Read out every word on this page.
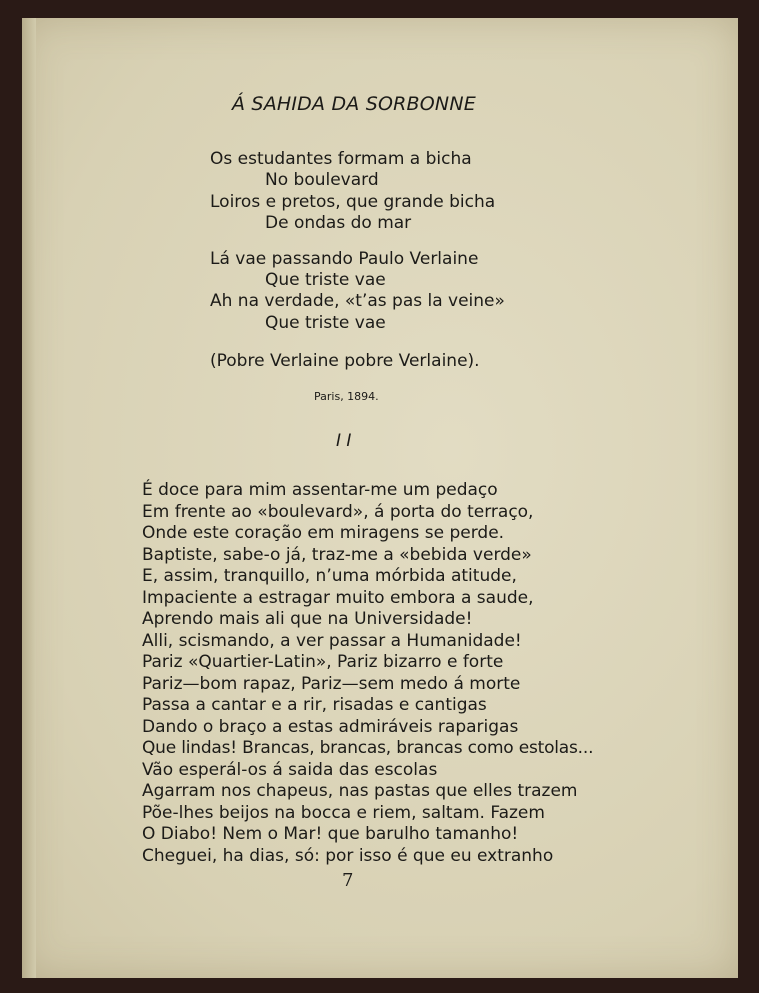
Á SAHIDA DA SORBONNE
Os estudantes formam a bicha
No boulevard
Loiros e pretos, que grande bicha
De ondas do mar
Lá vae passando Paulo Verlaine
Que triste vae
Ah na verdade, «t’as pas la veine»
Que triste vae
(Pobre Verlaine pobre Verlaine).
Paris, 1894.
I I
É doce para mim assentar-me um pedaço
Em frente ao «boulevard», á porta do terraço,
Onde este coração em miragens se perde.
Baptiste, sabe-o já, traz-me a «bebida verde»
E, assim, tranquillo, n’uma mórbida atitude,
Impaciente a estragar muito embora a saude,
Aprendo mais ali que na Universidade!
Alli, scismando, a ver passar a Humanidade!
Pariz «Quartier-Latin», Pariz bizarro e forte
Pariz—bom rapaz, Pariz—sem medo á morte
Passa a cantar e a rir, risadas e cantigas
Dando o braço a estas admiráveis raparigas
Que lindas! Brancas, brancas, brancas como estolas...
Vão esperál-os á saida das escolas
Agarram nos chapeus, nas pastas que elles trazem
Põe-lhes beijos na bocca e riem, saltam. Fazem
O Diabo! Nem o Mar! que barulho tamanho!
Cheguei, ha dias, só: por isso é que eu extranho
7
